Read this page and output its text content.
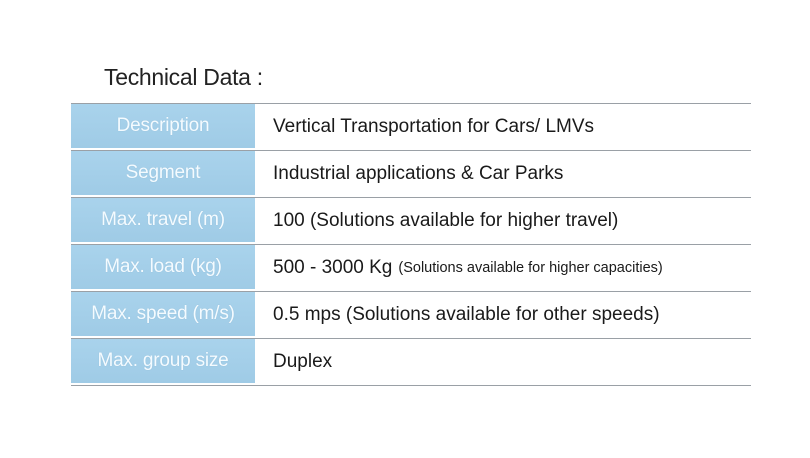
Technical Data :
Description	Vertical Transportation for Cars/ LMVs
Segment	Industrial applications & Car Parks
Max. travel (m)	100 (Solutions available for higher travel)
Max. load (kg)	500 - 3000 Kg (Solutions available for higher capacities)
Max. speed (m/s)	0.5 mps (Solutions available for other speeds)
Max. group size	Duplex
